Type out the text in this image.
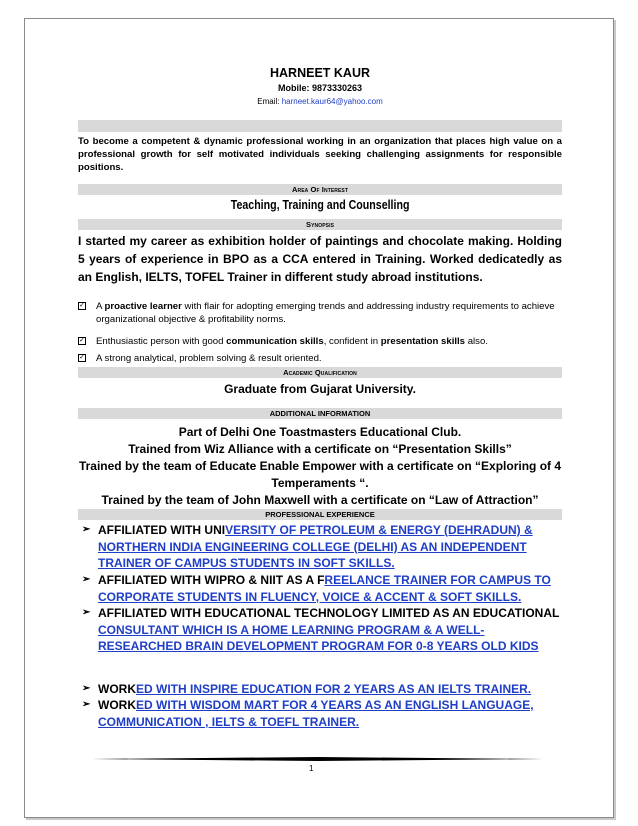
HARNEET KAUR
Mobile: 9873330263
Email: harneet.kaur64@yahoo.com
To become a competent & dynamic professional working in an organization that places high value on a professional growth for self motivated individuals seeking challenging assignments for responsible positions.
Area Of Interest
Teaching, Training and Counselling
Synopsis
I started my career as exhibition holder of paintings and chocolate making. Holding 5 years of experience in BPO as a CCA entered in Training. Worked dedicatedly as an English, IELTS, TOFEL Trainer in different study abroad institutions.
✓ A proactive learner with flair for adopting emerging trends and addressing industry requirements to achieve organizational objective & profitability norms.
✓ Enthusiastic person with good communication skills, confident in presentation skills also.
✓ A strong analytical, problem solving & result oriented.
Academic Qualification
Graduate from Gujarat University.
ADDITIONAL INFORMATION
Part of Delhi One Toastmasters Educational Club.
Trained from Wiz Alliance with a certificate on “Presentation Skills”
Trained by the team of Educate Enable Empower with a certificate on “Exploring of 4 Temperaments “.
Trained by the team of John Maxwell with a certificate on “Law of Attraction”
PROFESSIONAL EXPERIENCE
➢ AFFILIATED WITH UNIVERSITY OF PETROLEUM & ENERGY (DEHRADUN) & NORTHERN INDIA ENGINEERING COLLEGE (DELHI) AS AN INDEPENDENT TRAINER OF CAMPUS STUDENTS IN SOFT SKILLS.
➢ AFFILIATED WITH WIPRO & NIIT AS A FREELANCE TRAINER FOR CAMPUS TO CORPORATE STUDENTS IN FLUENCY, VOICE & ACCENT & SOFT SKILLS.
➢ AFFILIATED WITH EDUCATIONAL TECHNOLOGY LIMITED AS AN EDUCATIONAL CONSULTANT WHICH IS A HOME LEARNING PROGRAM & A WELL-RESEARCHED BRAIN DEVELOPMENT PROGRAM FOR 0-8 YEARS OLD KIDS
➢ WORKED WITH INSPIRE EDUCATION FOR 2 YEARS AS AN IELTS TRAINER.
➢ WORKED WITH WISDOM MART FOR 4 YEARS AS AN ENGLISH LANGUAGE, COMMUNICATION , IELTS & TOEFL TRAINER.
1
